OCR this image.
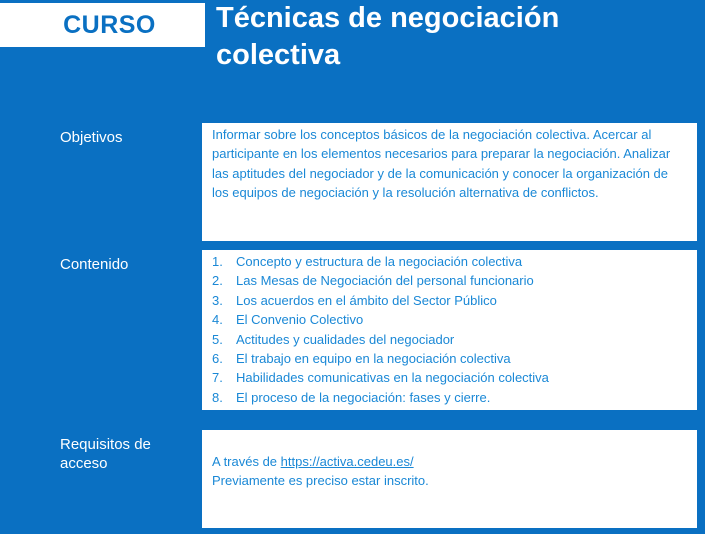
CURSO	Técnicas de negociación colectiva
Objetivos	Informar sobre los conceptos básicos de la negociación colectiva. Acercar al participante en los elementos necesarios para preparar la negociación. Analizar las aptitudes del negociador y de la comunicación y conocer la organización de los equipos de negociación y la resolución alternativa de conflictos.

Contenido	1.	Concepto y estructura de la negociación colectiva
2.	Las Mesas de Negociación del personal funcionario
3.	Los acuerdos en el ámbito del Sector Público
4.	El Convenio Colectivo
5.	Actitudes y cualidades del negociador
6.	El trabajo en equipo en la negociación colectiva
7.	Habilidades comunicativas en la negociación colectiva
8.	El proceso de la negociación: fases y cierre.
Requisitos de acceso	A través de https://activa.cedeu.es/

Previamente es preciso estar inscrito.
